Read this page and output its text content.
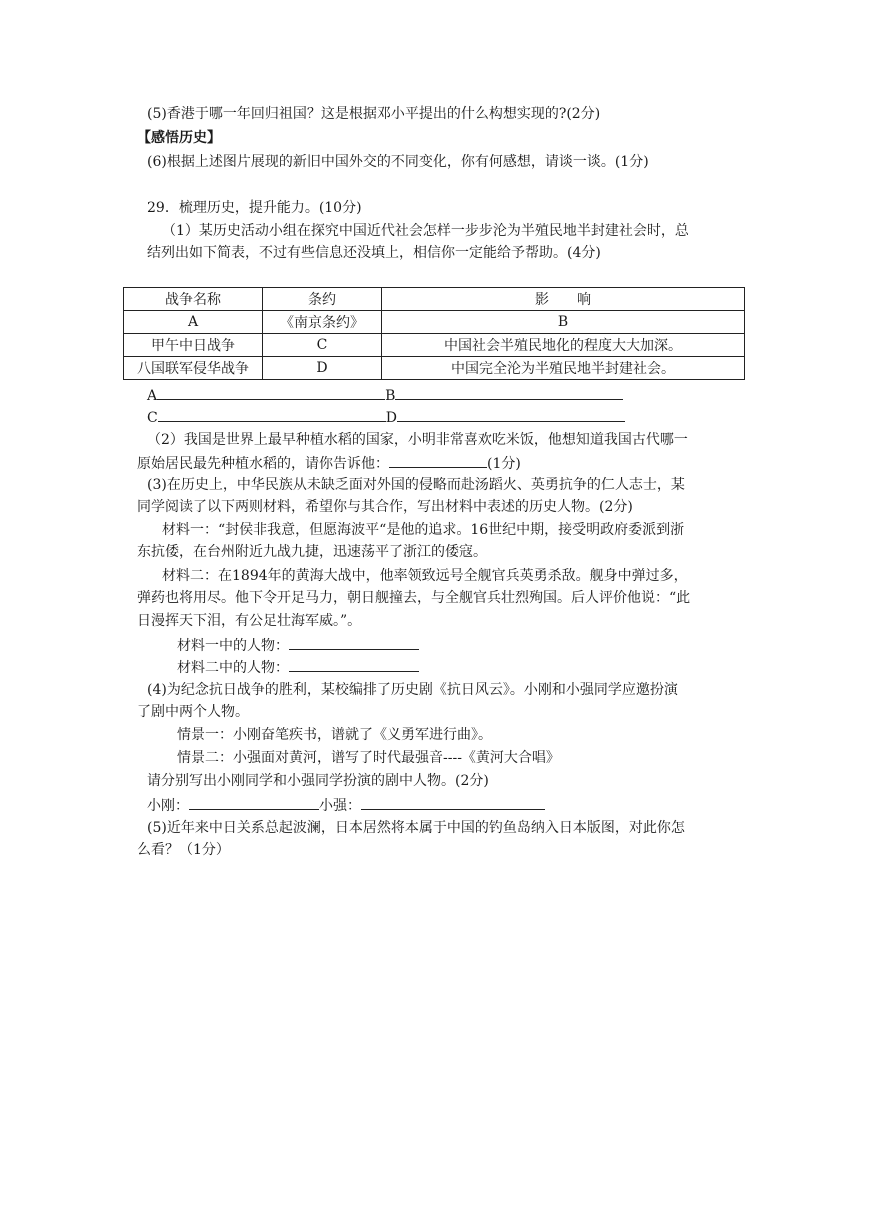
(5)香港于哪一年回归祖国？这是根据邓小平提出的什么构想实现的?(2分)
【感悟历史】
(6)根据上述图片展现的新旧中国外交的不同变化，你有何感想，请谈一谈。(1分)
29．梳理历史，提升能力。(10分)
（1）某历史活动小组在探究中国近代社会怎样一步步沦为半殖民地半封建社会时，总
结列出如下简表，不过有些信息还没填上，相信你一定能给予帮助。(4分)
战争名称	条约	影　　响
A	《南京条约》	B
甲午中日战争	C	中国社会半殖民地化的程度大大加深。
八国联军侵华战争	D	中国完全沦为半殖民地半封建社会。
A	B
C	D
（2）我国是世界上最早种植水稻的国家，小明非常喜欢吃米饭，他想知道我国古代哪一
原始居民最先种植水稻的，请你告诉他：	(1分)
(3)在历史上，中华民族从未缺乏面对外国的侵略而赴汤蹈火、英勇抗争的仁人志士，某
同学阅读了以下两则材料，希望你与其合作，写出材料中表述的历史人物。(2分)
材料一：“封侯非我意，但愿海波平“是他的追求。16世纪中期，接受明政府委派到浙
东抗倭，在台州附近九战九捷，迅速荡平了浙江的倭寇。
材料二：在1894年的黄海大战中，他率领致远号全舰官兵英勇杀敌。舰身中弹过多，
弹药也将用尽。他下令开足马力，朝日舰撞去，与全舰官兵壮烈殉国。后人评价他说：“此
日漫挥天下泪，有公足壮海军威。”。
材料一中的人物：
材料二中的人物：
(4)为纪念抗日战争的胜利，某校编排了历史剧《抗日风云》。小刚和小强同学应邀扮演
了剧中两个人物。
情景一：小刚奋笔疾书，谱就了《义勇军进行曲》。
情景二：小强面对黄河，谱写了时代最强音----《黄河大合唱》
请分别写出小刚同学和小强同学扮演的剧中人物。(2分)
小刚：	小强：
(5)近年来中日关系总起波澜，日本居然将本属于中国的钓鱼岛纳入日本版图，对此你怎
么看？（1分）
